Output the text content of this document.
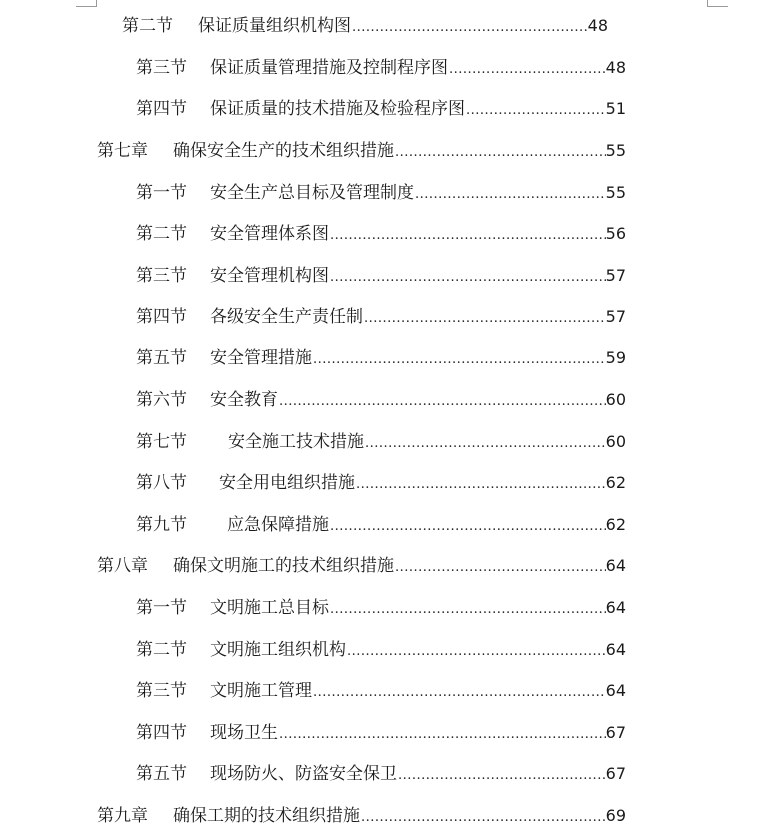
第二节	保证质量组织机构图 .....	48
第三节	保证质量管理措施及控制程序图 .....	48
第四节	保证质量的技术措施及检验程序图 .....	51
第七章	确保安全生产的技术组织措施 .....	55
第一节	安全生产总目标及管理制度 .....	55
第二节	安全管理体系图 .....	56
第三节	安全管理机构图 .....	57
第四节	各级安全生产责任制 .....	57
第五节	安全管理措施 .....	59
第六节	安全教育 .....	60
第七节	安全施工技术措施 .....	60
第八节	安全用电组织措施 .....	62
第九节	应急保障措施 .....	62
第八章	确保文明施工的技术组织措施 .....	64
第一节	文明施工总目标 .....	64
第二节	文明施工组织机构 .....	64
第三节	文明施工管理 .....	64
第四节	现场卫生 .....	67
第五节	现场防火、防盗安全保卫 .....	67
第九章	确保工期的技术组织措施 .....	69
